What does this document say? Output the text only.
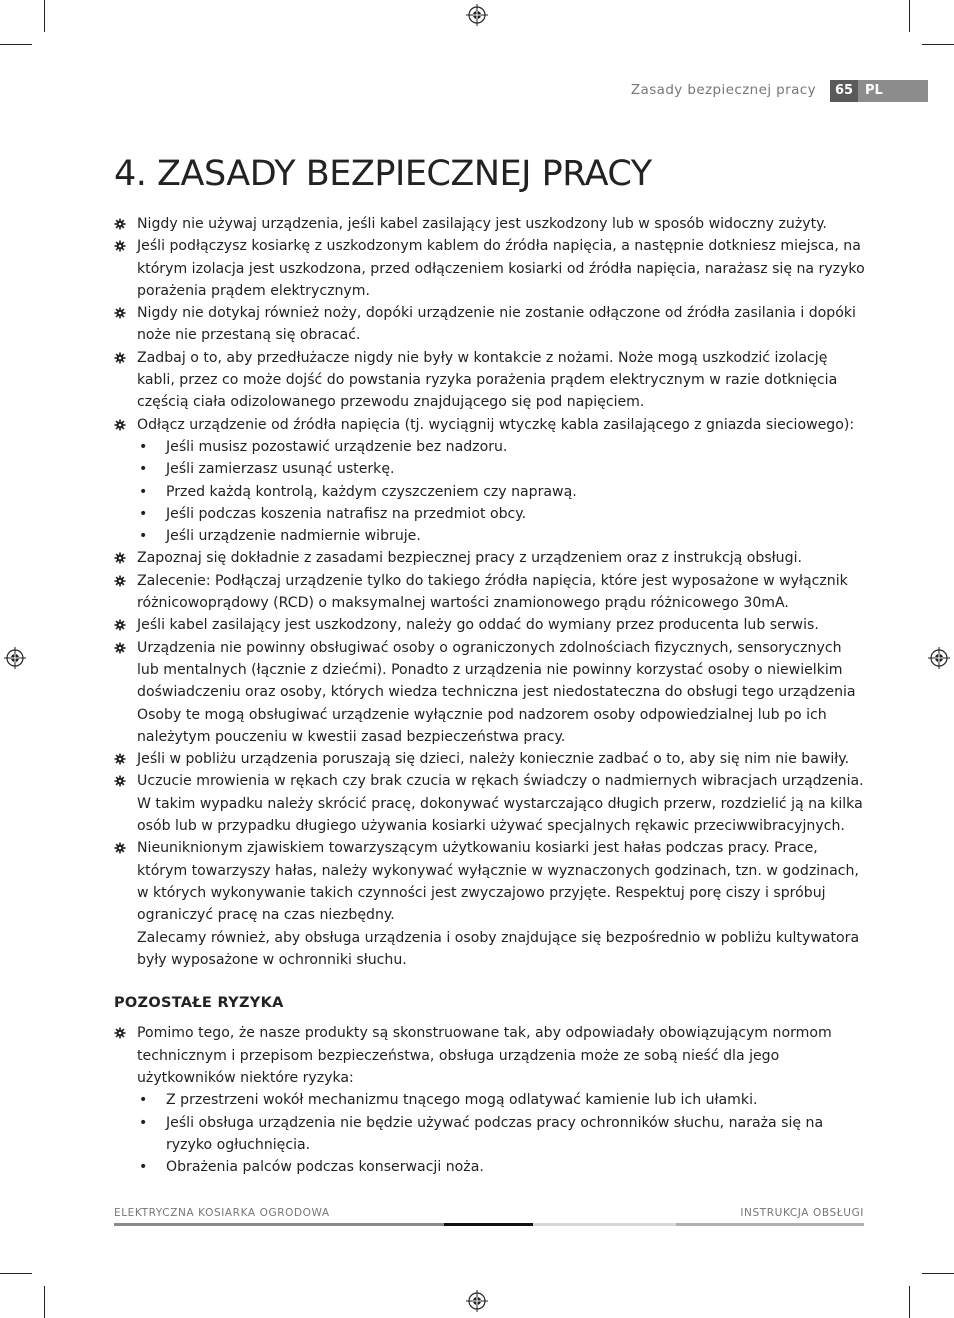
Zasady bezpiecznej pracy	65 PL
4. ZASADY BEZPIECZNEJ PRACY

Nigdy nie używaj urządzenia, jeśli kabel zasilający jest uszkodzony lub w sposób widoczny zużyty.

Jeśli podłączysz kosiarkę z uszkodzonym kablem do źródła napięcia, a następnie dotkniesz miejsca, na którym izolacja jest uszkodzona, przed odłączeniem kosiarki od źródła napięcia, narażasz się na ryzyko porażenia prądem elektrycznym.

Nigdy nie dotykaj również noży, dopóki urządzenie nie zostanie odłączone od źródła zasilania i dopóki noże nie przestaną się obracać.

Zadbaj o to, aby przedłużacze nigdy nie były w kontakcie z nożami. Noże mogą uszkodzić izolację kabli, przez co może dojść do powstania ryzyka porażenia prądem elektrycznym w razie dotknięcia częścią ciała odizolowanego przewodu znajdującego się pod napięciem.

Odłącz urządzenie od źródła napięcia (tj. wyciągnij wtyczkę kabla zasilającego z gniazda sieciowego):

• Jeśli musisz pozostawić urządzenie bez nadzoru.
• Jeśli zamierzasz usunąć usterkę.
• Przed każdą kontrolą, każdym czyszczeniem czy naprawą.
• Jeśli podczas koszenia natrafisz na przedmiot obcy.
• Jeśli urządzenie nadmiernie wibruje.

Zapoznaj się dokładnie z zasadami bezpiecznej pracy z urządzeniem oraz z instrukcją obsługi.

Zalecenie: Podłączaj urządzenie tylko do takiego źródła napięcia, które jest wyposażone w wyłącznik różnicowoprądowy (RCD) o maksymalnej wartości znamionowego prądu różnicowego 30mA.

Jeśli kabel zasilający jest uszkodzony, należy go oddać do wymiany przez producenta lub serwis.

Urządzenia nie powinny obsługiwać osoby o ograniczonych zdolnościach fizycznych, sensorycznych lub mentalnych (łącznie z dziećmi). Ponadto z urządzenia nie powinny korzystać osoby o niewielkim doświadczeniu oraz osoby, których wiedza techniczna jest niedostateczna do obsługi tego urządzenia Osoby te mogą obsługiwać urządzenie wyłącznie pod nadzorem osoby odpowiedzialnej lub po ich należytym pouczeniu w kwestii zasad bezpieczeństwa pracy.

Jeśli w pobliżu urządzenia poruszają się dzieci, należy koniecznie zadbać o to, aby się nim nie bawiły.

Uczucie mrowienia w rękach czy brak czucia w rękach świadczy o nadmiernych wibracjach urządzenia.

W takim wypadku należy skrócić pracę, dokonywać wystarczająco długich przerw, rozdzielić ją na kilka osób lub w przypadku długiego używania kosiarki używać specjalnych rękawic przeciwwibracyjnych.

Nieuniknionym zjawiskiem towarzyszącym użytkowaniu kosiarki jest hałas podczas pracy. Prace, którym towarzyszy hałas, należy wykonywać wyłącznie w wyznaczonych godzinach, tzn. w godzinach, w których wykonywanie takich czynności jest zwyczajowo przyjęte. Respektuj porę ciszy i spróbuj ograniczyć pracę na czas niezbędny.

Zalecamy również, aby obsługa urządzenia i osoby znajdujące się bezpośrednio w pobliżu kultywatora były wyposażone w ochronniki słuchu.

POZOSTAŁE RYZYKA

Pomimo tego, że nasze produkty są skonstruowane tak, aby odpowiadały obowiązującym normom technicznym i przepisom bezpieczeństwa, obsługa urządzenia może ze sobą nieść dla jego użytkowników niektóre ryzyka:

• Z przestrzeni wokół mechanizmu tnącego mogą odlatywać kamienie lub ich ułamki.
• Jeśli obsługa urządzenia nie będzie używać podczas pracy ochronników słuchu, naraża się na ryzyko ogłuchnięcia.
• Obrażenia palców podczas konserwacji noża.
ELEKTRYCZNA KOSIARKA OGRODOWA	INSTRUKCJA OBSŁUGI
